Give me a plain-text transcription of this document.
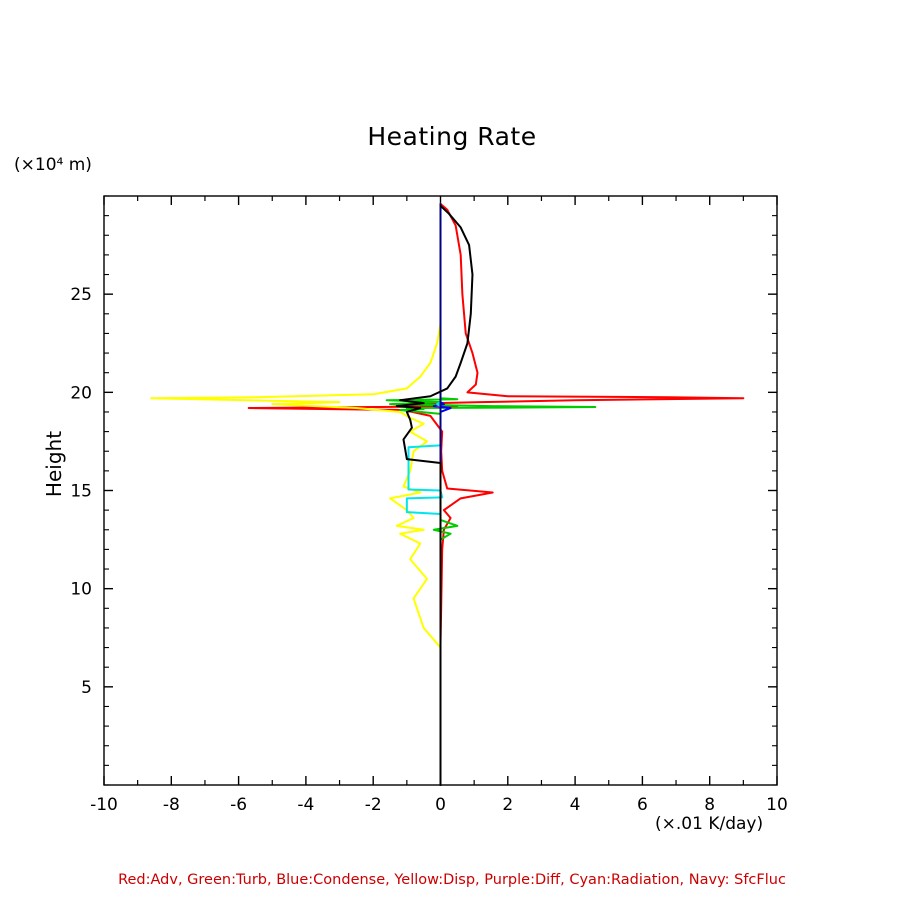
(×10⁴ m)
Heating Rate
Height
(×.01 K/day)
-10	-8	-6	-4	-2	0	2	4	6	8	10
5
10
15
20
25
Red:Adv, Green:Turb, Blue:Condense, Yellow:Disp, Purple:Diff, Cyan:Radiation, Navy: SfcFluc
